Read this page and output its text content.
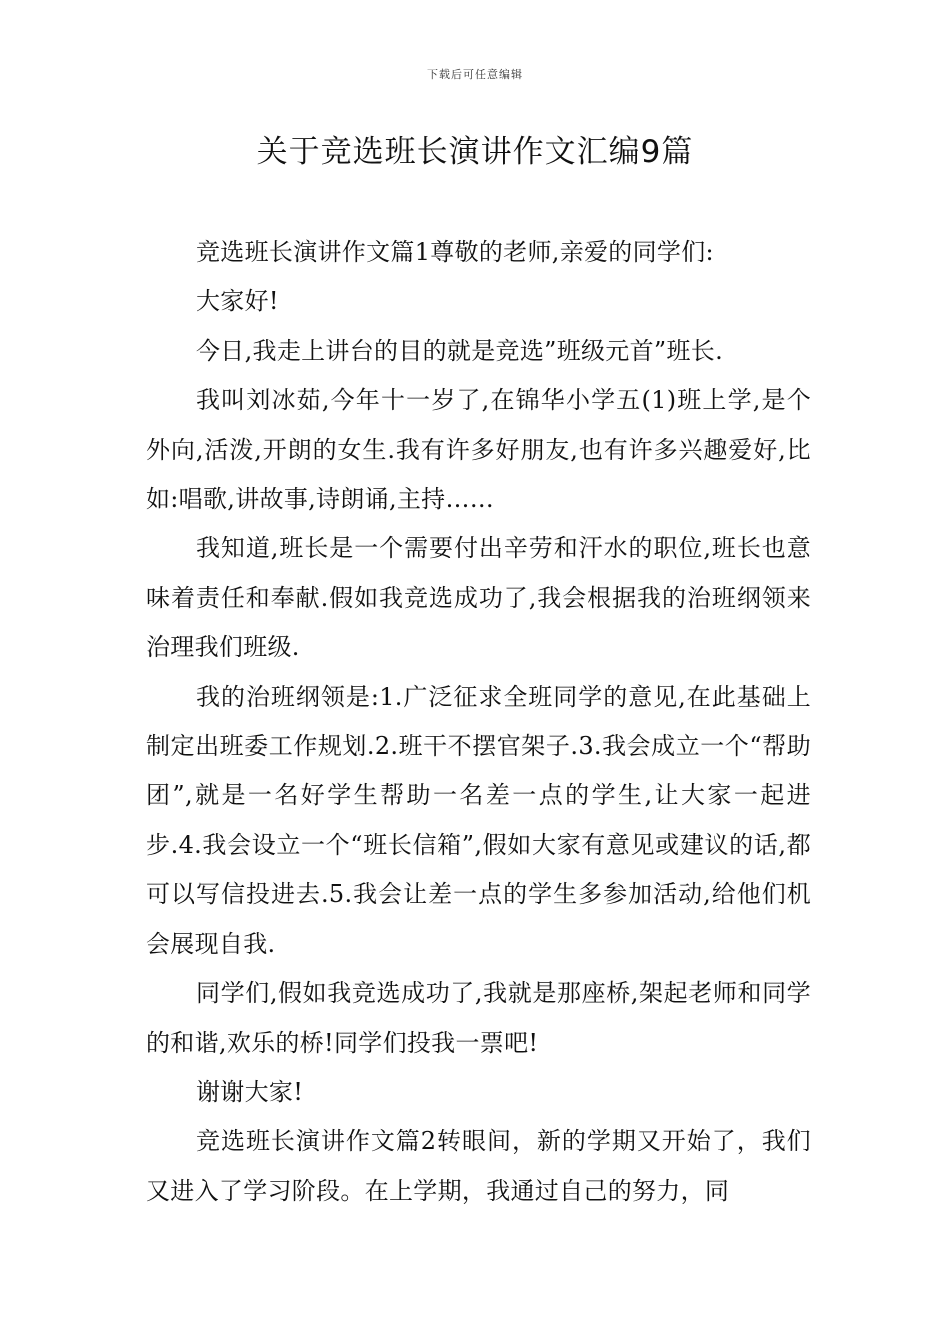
下载后可任意编辑
关于竞选班长演讲作文汇编9篇

竞选班长演讲作文篇1尊敬的老师,亲爱的同学们:

大家好!

今日,我走上讲台的目的就是竞选”班级元首”班长.

我叫刘冰茹,今年十一岁了,在锦华小学五(1)班上学,是个外向,活泼,开朗的女生.我有许多好朋友,也有许多兴趣爱好,比如:唱歌,讲故事,诗朗诵,主持……

我知道,班长是一个需要付出辛劳和汗水的职位,班长也意味着责任和奉献.假如我竞选成功了,我会根据我的治班纲领来治理我们班级.

我的治班纲领是:1.广泛征求全班同学的意见,在此基础上制定出班委工作规划.2.班干不摆官架子.3.我会成立一个“帮助团”,就是一名好学生帮助一名差一点的学生,让大家一起进步.4.我会设立一个“班长信箱”,假如大家有意见或建议的话,都可以写信投进去.5.我会让差一点的学生多参加活动,给他们机会展现自我.

同学们,假如我竞选成功了,我就是那座桥,架起老师和同学的和谐,欢乐的桥!同学们投我一票吧!

谢谢大家!

竞选班长演讲作文篇2转眼间，新的学期又开始了，我们又进入了学习阶段。在上学期，我通过自己的努力，同
